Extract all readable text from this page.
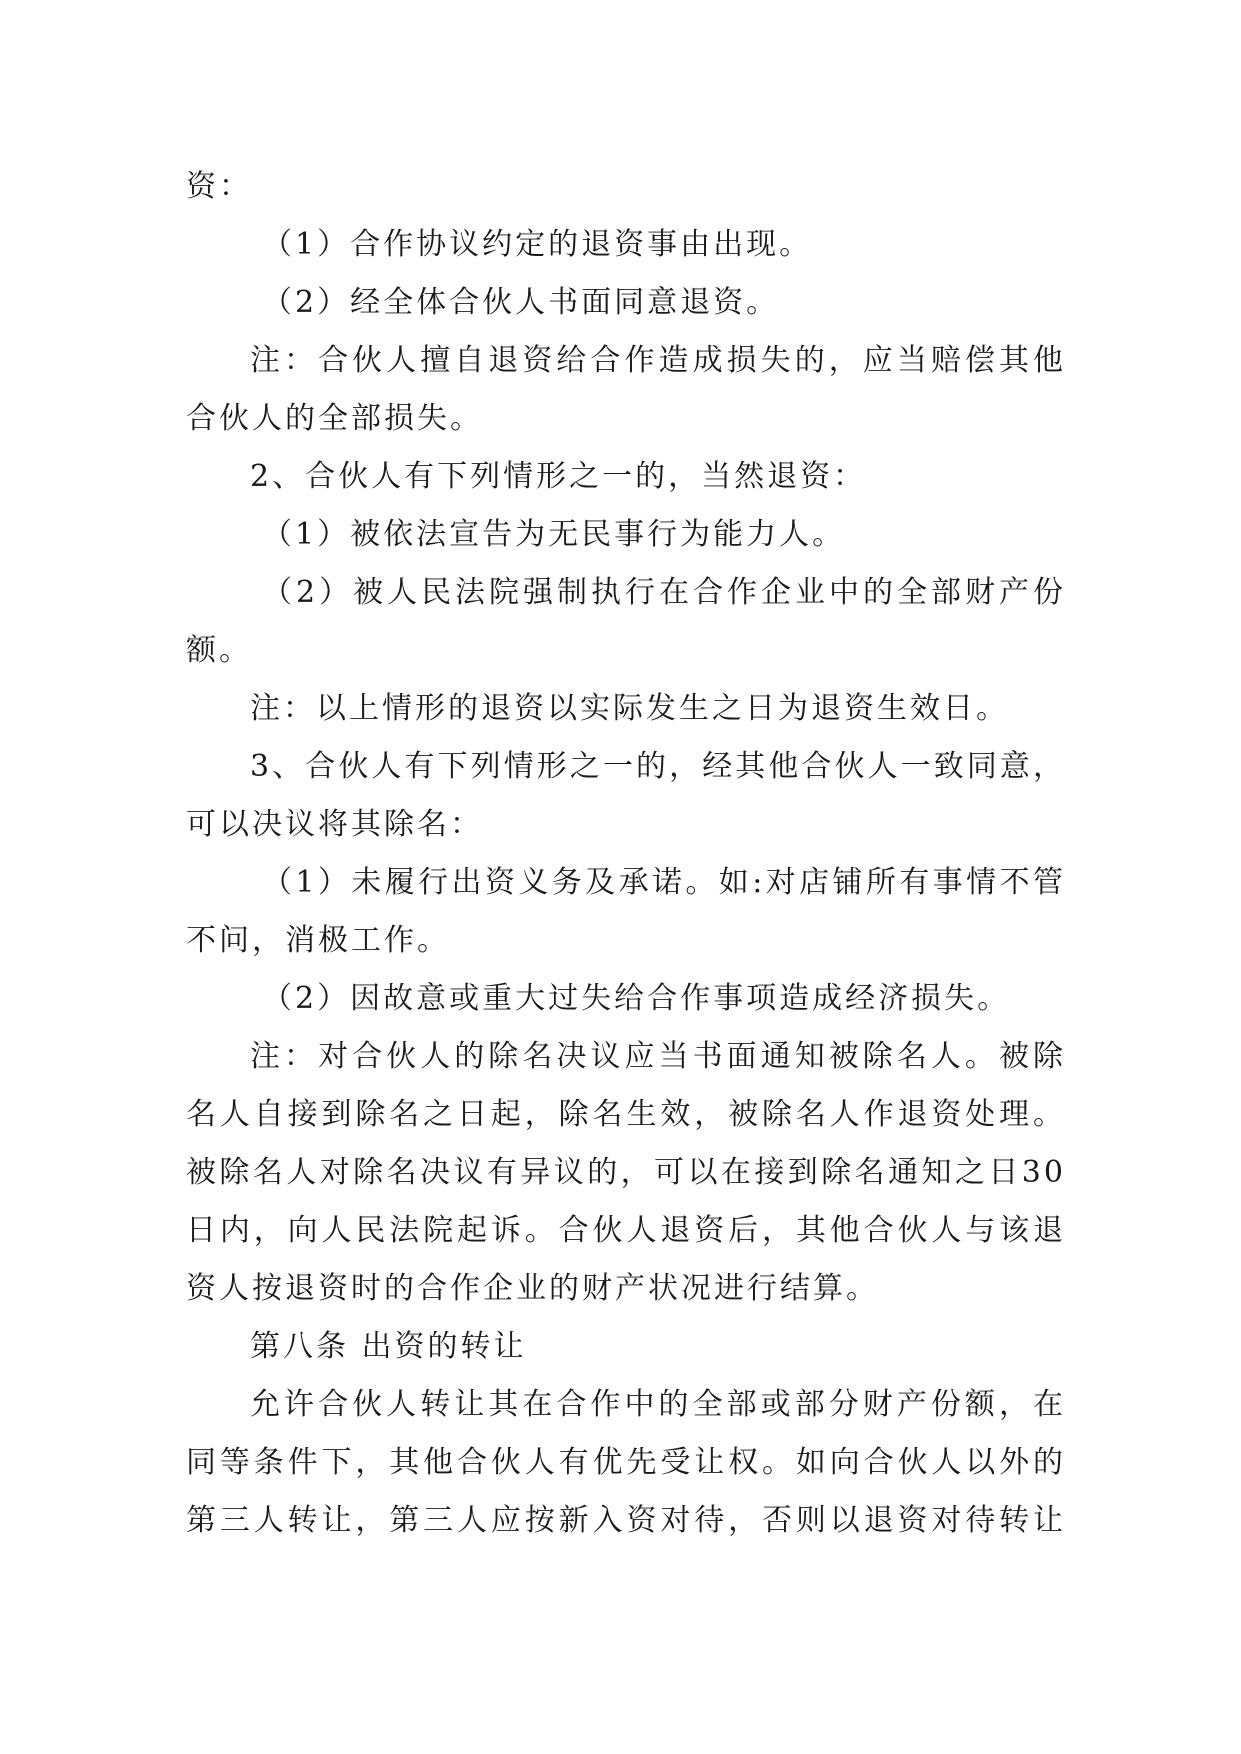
资：
（1）合作协议约定的退资事由出现。
（2）经全体合伙人书面同意退资。
注：合伙人擅自退资给合作造成损失的，应当赔偿其他
合伙人的全部损失。
2、合伙人有下列情形之一的，当然退资：
（1）被依法宣告为无民事行为能力人。
（2）被人民法院强制执行在合作企业中的全部财产份
额。
注：以上情形的退资以实际发生之日为退资生效日。
3、合伙人有下列情形之一的，经其他合伙人一致同意，
可以决议将其除名：
（1）未履行出资义务及承诺。如:对店铺所有事情不管
不问，消极工作。
（2）因故意或重大过失给合作事项造成经济损失。
注：对合伙人的除名决议应当书面通知被除名人。被除
名人自接到除名之日起，除名生效，被除名人作退资处理。
被除名人对除名决议有异议的，可以在接到除名通知之日30
日内，向人民法院起诉。合伙人退资后，其他合伙人与该退
资人按退资时的合作企业的财产状况进行结算。
第八条 出资的转让
允许合伙人转让其在合作中的全部或部分财产份额，在
同等条件下，其他合伙人有优先受让权。如向合伙人以外的
第三人转让，第三人应按新入资对待，否则以退资对待转让
